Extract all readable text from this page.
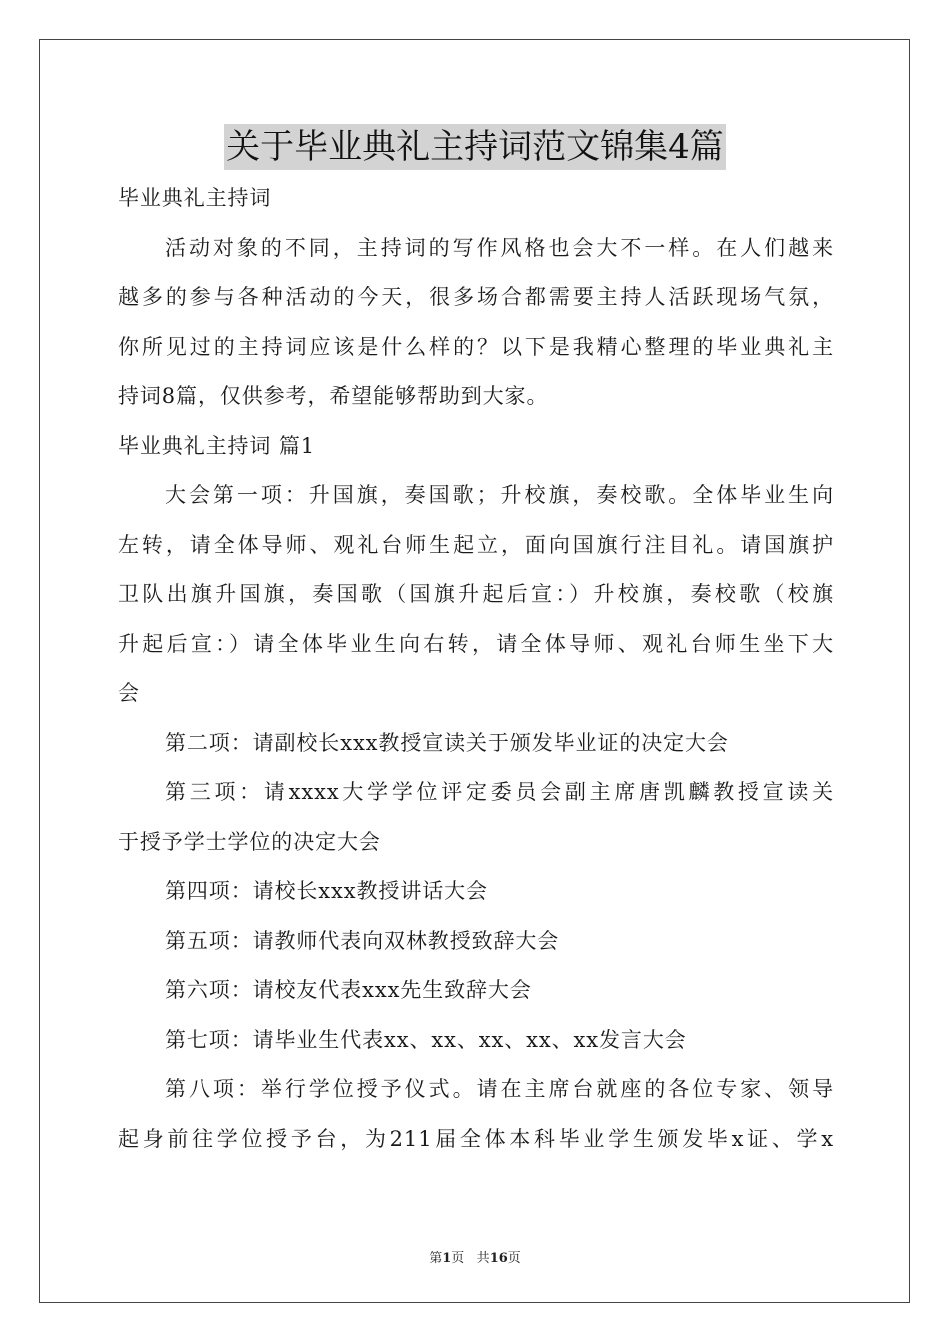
关于毕业典礼主持词范文锦集4篇
毕业典礼主持词
活动对象的不同，主持词的写作风格也会大不一样。在人们越来
越多的参与各种活动的今天，很多场合都需要主持人活跃现场气氛，
你所见过的主持词应该是什么样的？以下是我精心整理的毕业典礼主
持词8篇，仅供参考，希望能够帮助到大家。
毕业典礼主持词 篇1
大会第一项：升国旗，奏国歌；升校旗，奏校歌。全体毕业生向
左转，请全体导师、观礼台师生起立，面向国旗行注目礼。请国旗护
卫队出旗升国旗，奏国歌（国旗升起后宣：）升校旗，奏校歌（校旗
升起后宣：）请全体毕业生向右转，请全体导师、观礼台师生坐下大
会
第二项：请副校长xxx教授宣读关于颁发毕业证的决定大会
第三项：请xxxx大学学位评定委员会副主席唐凯麟教授宣读关
于授予学士学位的决定大会
第四项：请校长xxx教授讲话大会
第五项：请教师代表向双林教授致辞大会
第六项：请校友代表xxx先生致辞大会
第七项：请毕业生代表xx、xx、xx、xx、xx发言大会
第八项：举行学位授予仪式。请在主席台就座的各位专家、领导
起身前往学位授予台，为211届全体本科毕业学生颁发毕x证、学x
第1页 共16页
